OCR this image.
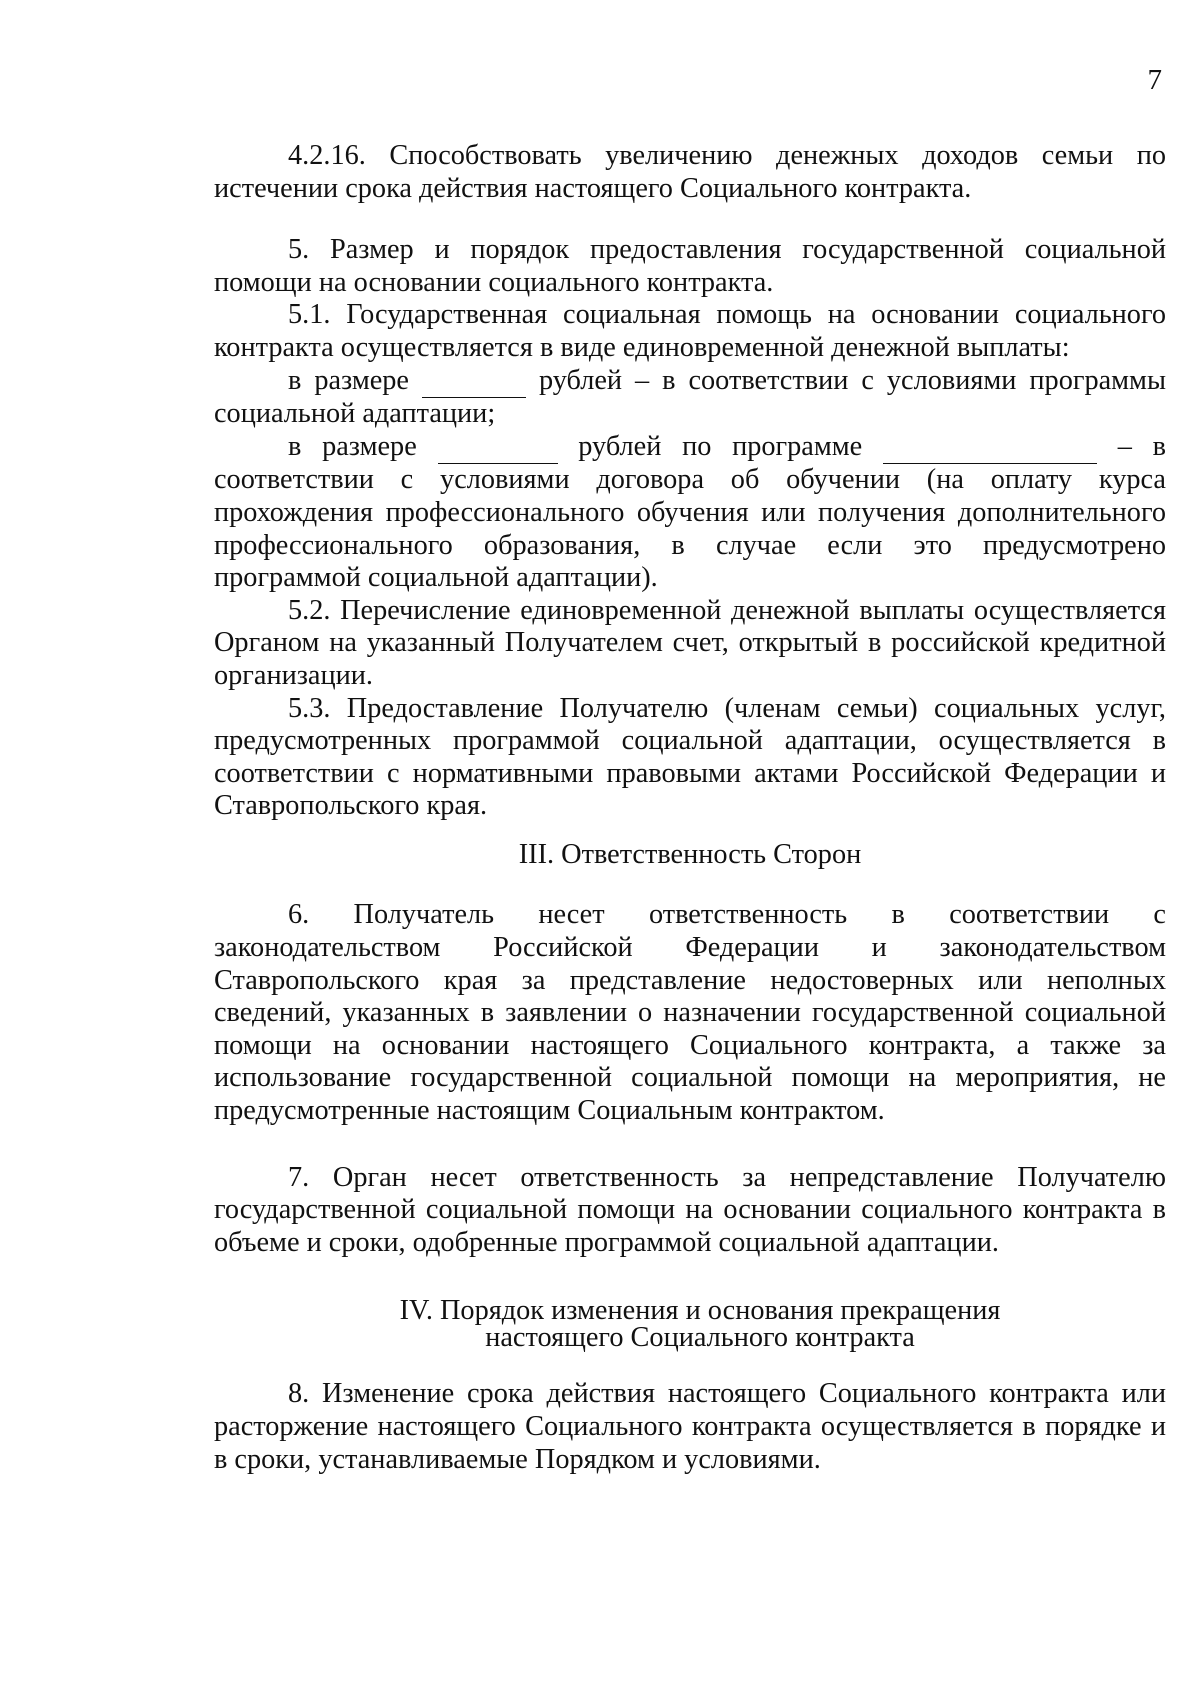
7

4.2.16. Способствовать увеличению денежных доходов семьи по истечении срока действия настоящего Социального контракта.

5. Размер и порядок предоставления государственной социальной помощи на основании социального контракта.

5.1. Государственная социальная помощь на основании социального контракта осуществляется в виде единовременной денежной выплаты:

в размере	рублей – в соответствии с условиями программы социальной адаптации;

в размере	рублей по программе	– в соответствии с условиями договора об обучении (на оплату курса прохождения профессионального обучения или получения дополнительного профессионального образования, в случае если это предусмотрено программой социальной адаптации).

5.2. Перечисление единовременной денежной выплаты осуществляется Органом на указанный Получателем счет, открытый в российской кредитной организации.

5.3. Предоставление Получателю (членам семьи) социальных услуг, предусмотренных программой социальной адаптации, осуществляется в соответствии с нормативными правовыми актами Российской Федерации и Ставропольского края.

III. Ответственность Сторон

6. Получатель несет ответственность в соответствии с законодательством Российской Федерации и законодательством Ставропольского края за представление недостоверных или неполных сведений, указанных в заявлении о назначении государственной социальной помощи на основании настоящего Социального контракта, а также за использование государственной социальной помощи на мероприятия, не предусмотренные настоящим Социальным контрактом.

7. Орган несет ответственность за непредставление Получателю государственной социальной помощи на основании социального контракта в объеме и сроки, одобренные программой социальной адаптации.

IV. Порядок изменения и основания прекращения
настоящего Социального контракта

8. Изменение срока действия настоящего Социального контракта или расторжение настоящего Социального контракта осуществляется в порядке и в сроки, устанавливаемые Порядком и условиями.
